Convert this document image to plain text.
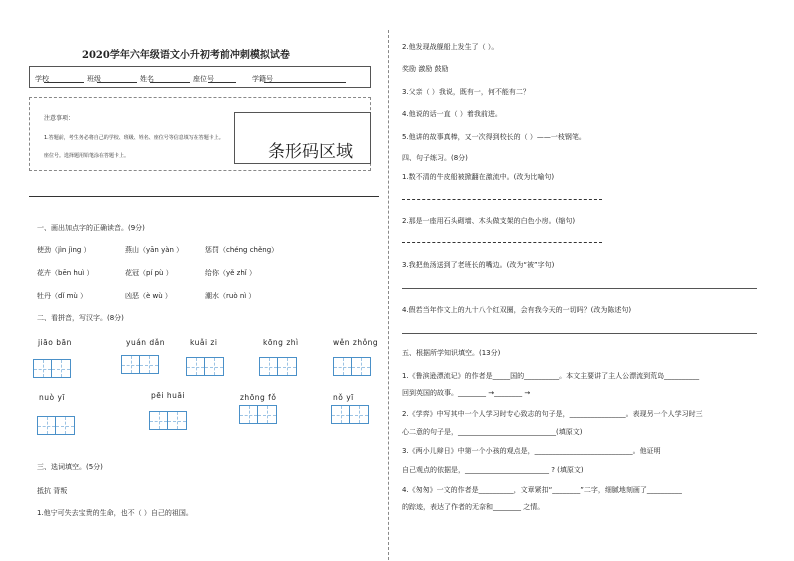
2020学年六年级语文小升初考前冲刺模拟试卷
学校	班级	姓名	座位号	学籍号
注意事项：
1.答题前，考生务必将自己的学校、班级、姓名、座位号等信息填写在答题卡上。
座位号。选择题用铅笔涂在答题卡上。	条形码区域
一、画出加点字的正确读音。(9分)
使劲（jìn jìng ）	燕山（yān yàn ）	惩罚（chéng chěng）
花卉（bēn huì ）	花冠（pí pù ）	给你（yě zhǐ ）
牡丹（dǐ mù ）	凶恶（è wù ）	潮水（ruò nì ）
二、看拼音，写汉字。(8分)
jiāo bān	yuán dǎn	kuǎi zi	kōng zhì	wěn zhǒng
nuò yī	pēi huāi	zhōng fǒ	nǒ yī
三、选词填空。(5分)
抵抗 背叛
1.他宁可失去宝贵的生命，也不（ ）自己的祖国。
2.他发现战舰船上发生了（ ）。
奖励 激励 鼓励
3.父亲（ ）我说，既有一，何不能有二？
4.他说的话一直（ ）着我前进。
5.他讲的故事真棒，又一次得到校长的（ ）——一枝钢笔。
四、句子练习。(8分)
1.数不清的牛皮船被掀翻在激流中。(改为比喻句)
2.那是一座用石头砌墙、木头做支架的白色小房。(缩句)
3.我把鱼汤送到了老班长的嘴边。(改为“被”字句)
4.假若当年作文上的九十八个红双圈，会有我今天的一切吗？(改为陈述句)
五、根据所学知识填空。(13分)
1.《鲁滨逊漂流记》的作者是_____国的__________。本文主要讲了主人公漂流到荒岛__________
回到英国的故事。________ →________ →
2.《学弈》中写其中一个人学习时专心致志的句子是，________________。表现另一个人学习时三
心二意的句子是，____________________________(填原文)
3.《两小儿辩日》中第一个小孩的观点是，____________________________。他证明
自己观点的依据是，________________________ ? (填原文)
4.《匆匆》一文的作者是__________，文章紧扣“________”二字，细腻地刻画了__________
的踪迹，表达了作者的无奈和________ 之情。
